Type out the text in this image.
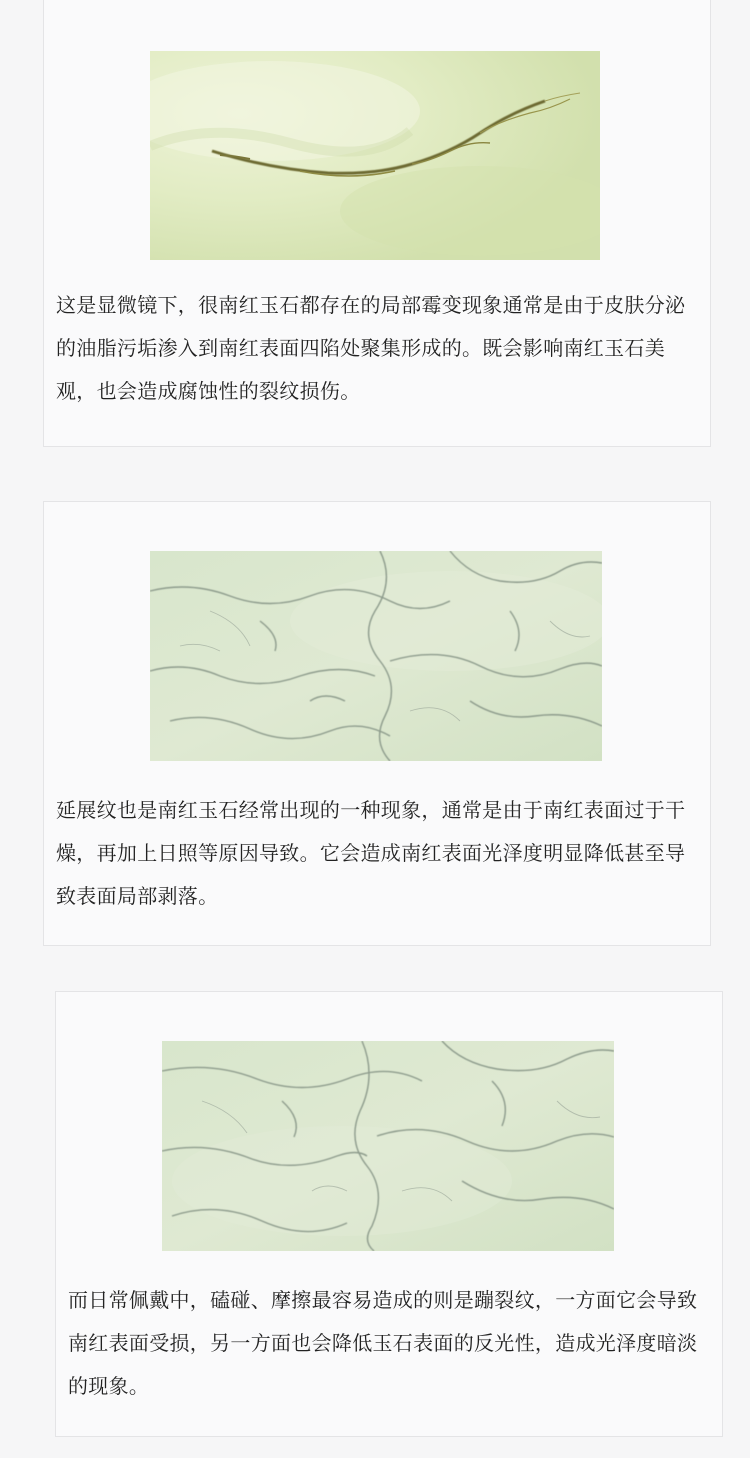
这是显微镜下，很南红玉石都存在的局部霉变现象通常是由于皮肤分泌的油脂污垢渗入到南红表面四陷处聚集形成的。既会影响南红玉石美观，也会造成腐蚀性的裂纹损伤。

延展纹也是南红玉石经常出现的一种现象，通常是由于南红表面过于干燥，再加上日照等原因导致。它会造成南红表面光泽度明显降低甚至导致表面局部剥落。

而日常佩戴中，磕碰、摩擦最容易造成的则是蹦裂纹，一方面它会导致南红表面受损，另一方面也会降低玉石表面的反光性，造成光泽度暗淡的现象。
